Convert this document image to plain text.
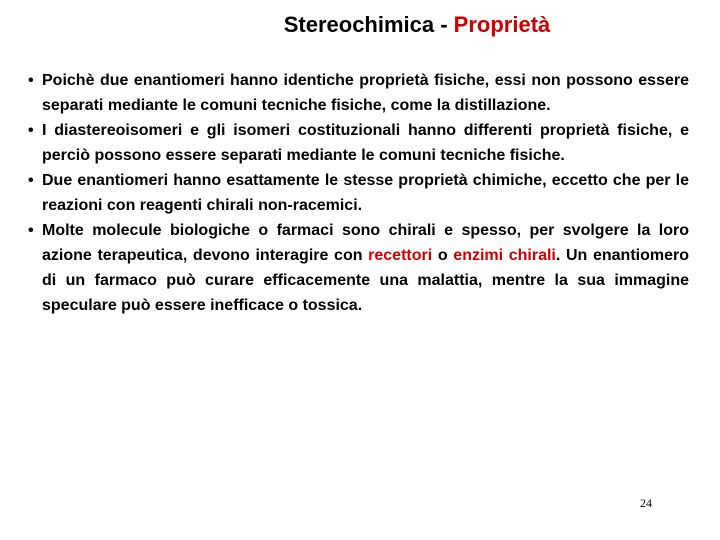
Stereochimica - Proprietà
• Poichè due enantiomeri hanno identiche proprietà fisiche, essi non possono essere separati mediante le comuni tecniche fisiche, come la distillazione.
• I diastereoisomeri e gli isomeri costituzionali hanno differenti proprietà fisiche, e perciò possono essere separati mediante le comuni tecniche fisiche.
• Due enantiomeri hanno esattamente le stesse proprietà chimiche, eccetto che per le reazioni con reagenti chirali non-racemici.
• Molte molecule biologiche o farmaci sono chirali e spesso, per svolgere la loro azione terapeutica, devono interagire con recettori o enzimi chirali. Un enantiomero di un farmaco può curare efficacemente una malattia, mentre la sua immagine speculare può essere inefficace o tossica.
24
